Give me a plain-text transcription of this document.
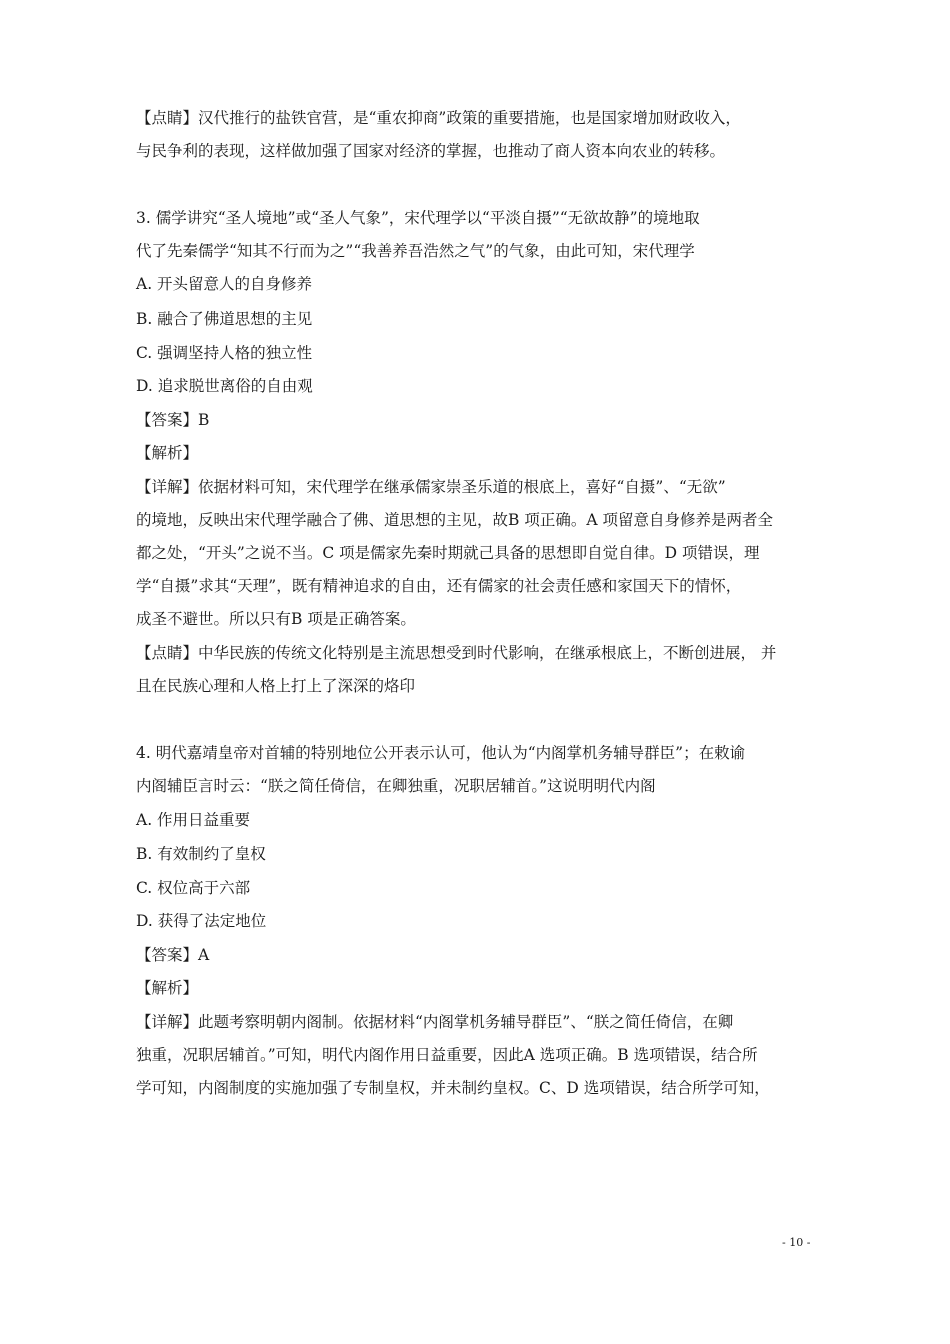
【点睛】汉代推行的盐铁官营，是“重农抑商”政策的重要措施，也是国家增加财政收入，

与民争利的表现，这样做加强了国家对经济的掌握，也推动了商人资本向农业的转移。

3. 儒学讲究“圣人境地”或“圣人气象”，宋代理学以“平淡自摄”“无欲故静”的境地取

代了先秦儒学“知其不行而为之”“我善养吾浩然之气”的气象，由此可知，宋代理学

A. 开头留意人的自身修养

B. 融合了佛道思想的主见

C. 强调坚持人格的独立性

D. 追求脱世离俗的自由观

【答案】B

【解析】

【详解】依据材料可知，宋代理学在继承儒家崇圣乐道的根底上，喜好“自摄”、“无欲”

的境地，反映出宋代理学融合了佛、道思想的主见，故B 项正确。A 项留意自身修养是两者全

都之处，“开头”之说不当。C 项是儒家先秦时期就己具备的思想即自觉自律。D 项错误，理

学“自摄”求其“天理”，既有精神追求的自由，还有儒家的社会责任感和家国天下的情怀，

成圣不避世。所以只有B 项是正确答案。

【点睛】中华民族的传统文化特别是主流思想受到时代影响，在继承根底上，不断创进展， 并

且在民族心理和人格上打上了深深的烙印

4. 明代嘉靖皇帝对首辅的特别地位公开表示认可，他认为“内阁掌机务辅导群臣”；在敕谕

内阁辅臣言时云：“朕之简任倚信，在卿独重，况职居辅首。”这说明明代内阁

A. 作用日益重要

B. 有效制约了皇权

C. 权位高于六部

D. 获得了法定地位

【答案】A

【解析】

【详解】此题考察明朝内阁制。依据材料“内阁掌机务辅导群臣”、“朕之简任倚信，在卿

独重，况职居辅首。”可知，明代内阁作用日益重要，因此A 选项正确。B 选项错误，结合所

学可知，内阁制度的实施加强了专制皇权，并未制约皇权。C、D 选项错误，结合所学可知，

- 10 -
